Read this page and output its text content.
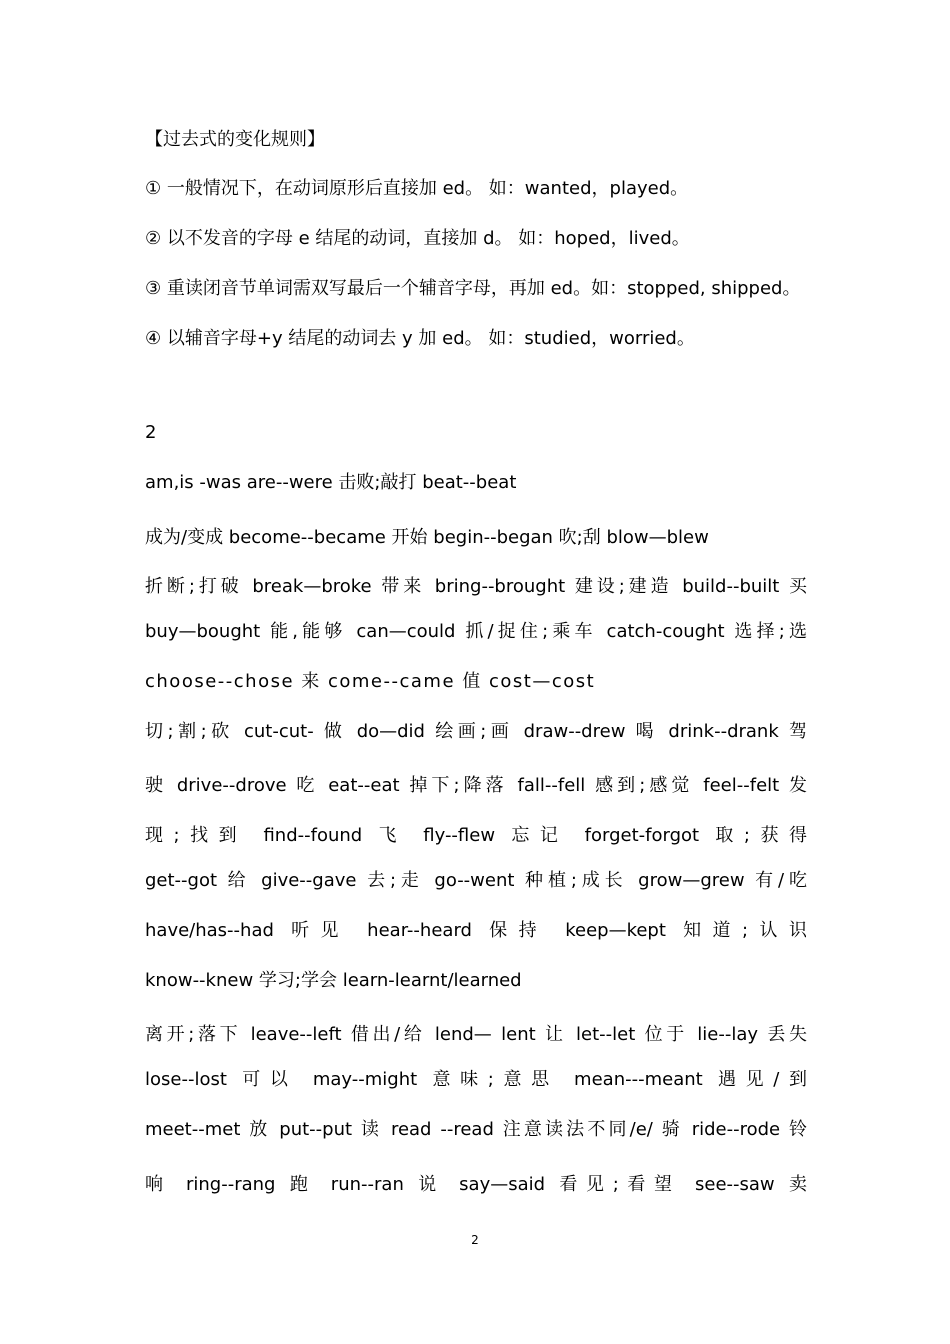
【过去式的变化规则】
① 一般情况下，在动词原形后直接加 ed。 如：wanted，played。
② 以不发音的字母 e 结尾的动词，直接加 d。 如：hoped，lived。
③ 重读闭音节单词需双写最后一个辅音字母，再加 ed。如：stopped, shipped。
④ 以辅音字母+y 结尾的动词去 y 加 ed。 如：studied，worried。
2
am,is -was are--were 击败;敲打 beat--beat
成为/变成 become--became 开始 begin--began 吹;刮 blow—blew
折断;打破 break—broke 带来 bring--brought 建设;建造 build--built 买
buy—bought 能,能够 can—could 抓/捉住;乘车 catch-cought 选择;选
choose--chose 来 come--came 值 cost—cost
切;割;砍 cut-cut- 做 do—did 绘画;画 draw--drew 喝 drink--drank 驾
驶 drive--drove 吃 eat--eat 掉下;降落 fall--fell 感到;感觉 feel--felt 发
现;找到 find--found 飞 fly--flew 忘记 forget-forgot 取;获得
get--got 给 give--gave 去;走 go--went 种植;成长 grow—grew 有/吃
have/has--had 听见 hear--heard 保持 keep—kept 知道;认识
know--knew 学习;学会 learn-learnt/learned
离开;落下 leave--left 借出/给 lend— lent 让 let--let 位于 lie--lay 丢失
lose--lost 可以 may--might 意味;意思 mean---meant 遇见/到
meet--met 放 put--put 读 read --read 注意读法不同/e/ 骑 ride--rode 铃
响 ring--rang 跑 run--ran 说 say—said 看见;看望 see--saw 卖
2
